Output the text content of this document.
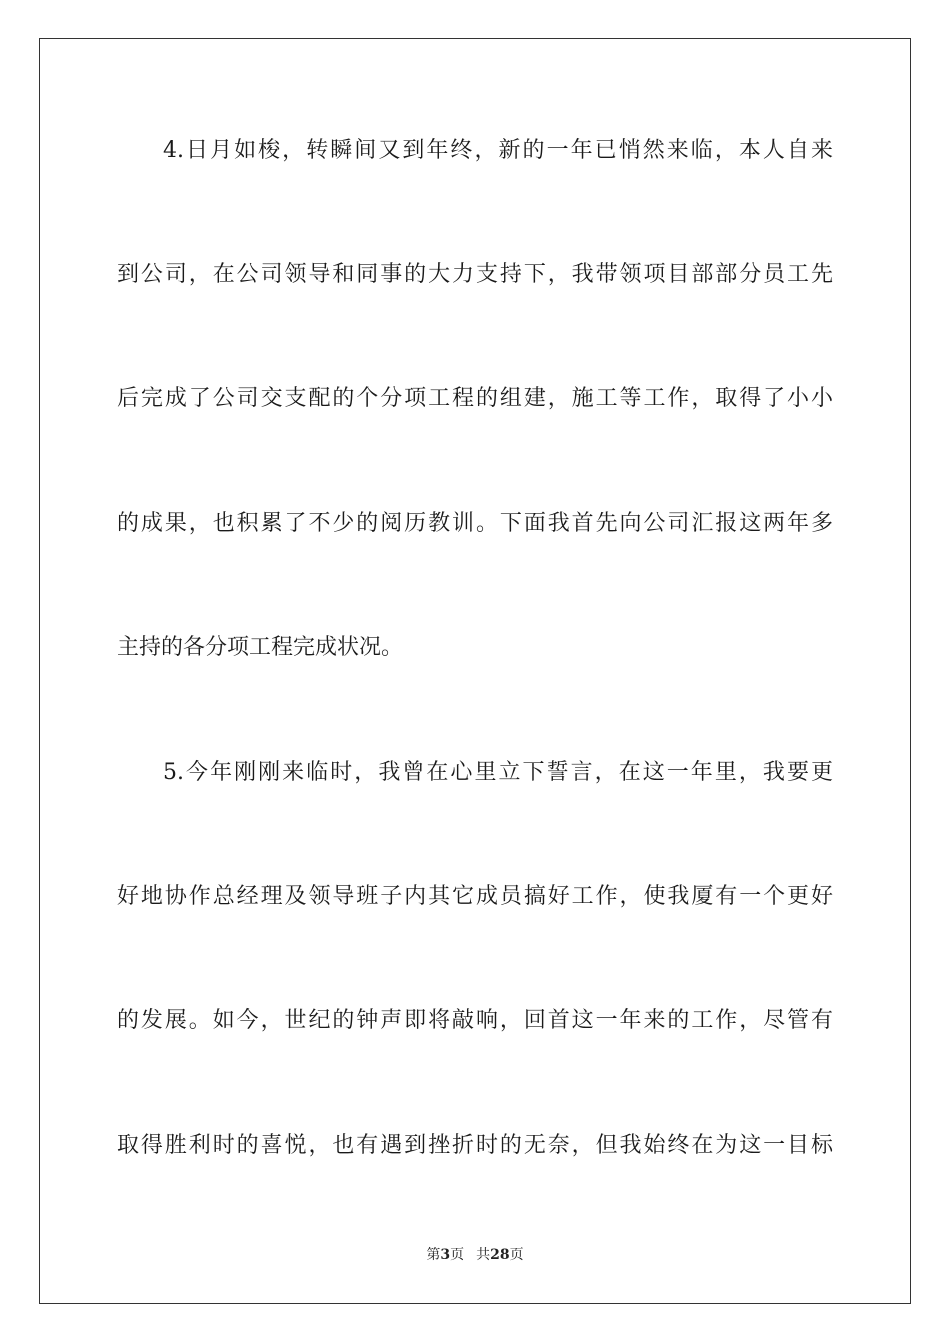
4.日月如梭，转瞬间又到年终，新的一年已悄然来临，本人自来
到公司，在公司领导和同事的大力支持下，我带领项目部部分员工先
后完成了公司交支配的个分项工程的组建，施工等工作，取得了小小
的成果，也积累了不少的阅历教训。下面我首先向公司汇报这两年多
主持的各分项工程完成状况。
5.今年刚刚来临时，我曾在心里立下誓言，在这一年里，我要更
好地协作总经理及领导班子内其它成员搞好工作，使我厦有一个更好
的发展。如今，世纪的钟声即将敲响，回首这一年来的工作，尽管有
取得胜利时的喜悦，也有遇到挫折时的无奈，但我始终在为这一目标
第3页 共28页
